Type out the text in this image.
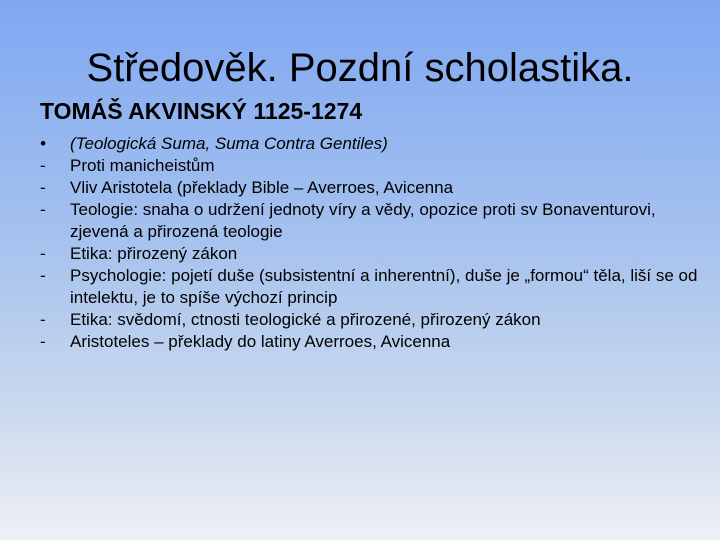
Středověk. Pozdní scholastika.
TOMÁŠ AKVINSKÝ 1125-1274
•	(Teologická Suma, Suma Contra Gentiles)
-	Proti manicheistům
-	Vliv Aristotela (překlady Bible – Averroes, Avicenna
-	Teologie: snaha o udržení jednoty víry a vědy, opozice proti sv Bonaventurovi, zjevená a přirozená teologie
-	Etika: přirozený zákon
-	Psychologie: pojetí duše (subsistentní a inherentní), duše je „formou“ těla, liší se od intelektu, je to spíše výchozí princip
-	Etika: svědomí, ctnosti teologické a přirozené, přirozený zákon
-	Aristoteles – překlady do latiny Averroes, Avicenna
